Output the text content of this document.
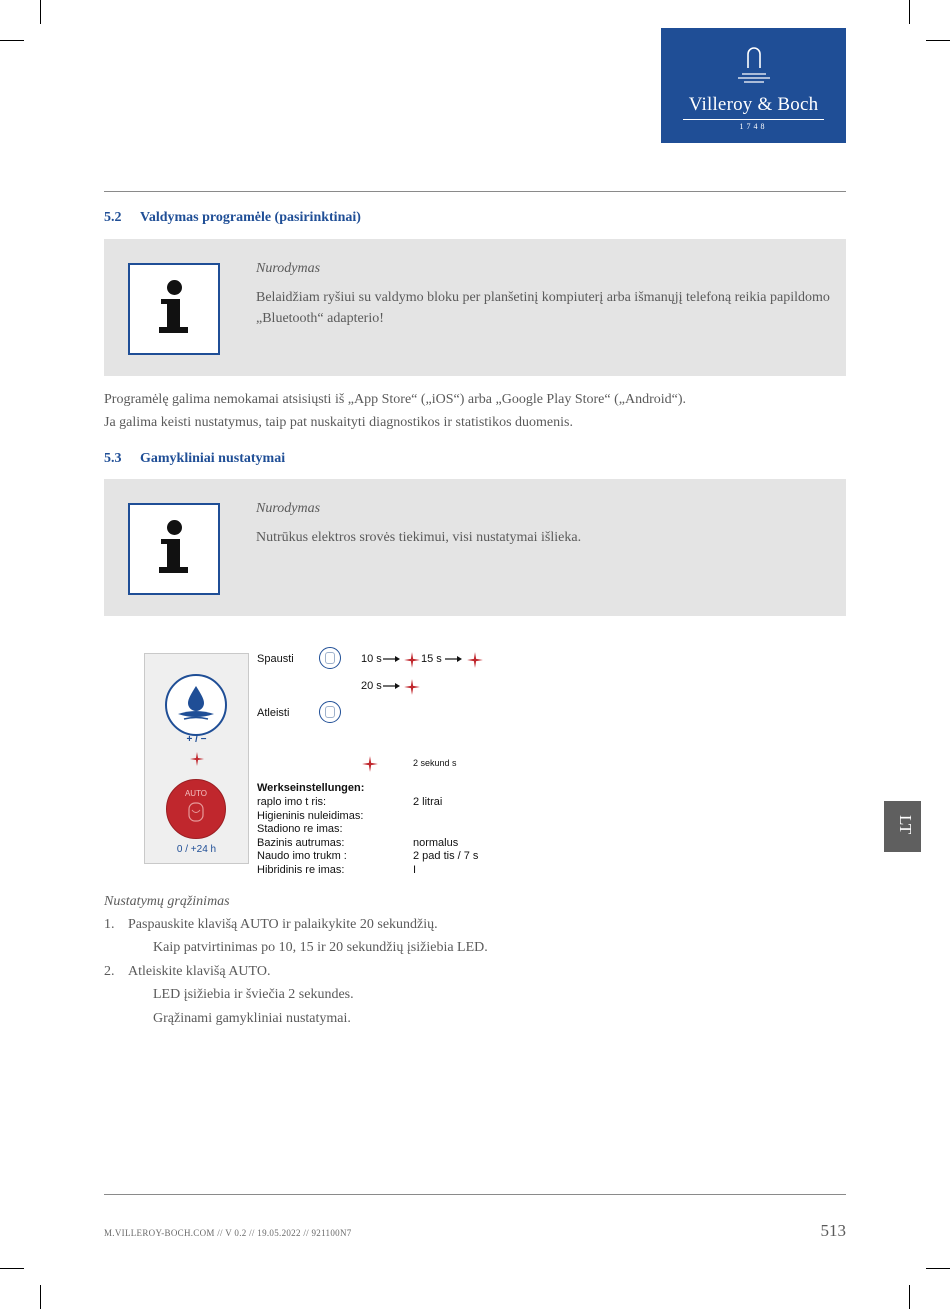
Villeroy & Boch
1748
5.2 Valdymas programėle (pasirinktinai)
Nurodymas
Belaidžiam ryšiui su valdymo bloku per planšetinį kompiuterį arba išmanųjį telefoną reikia papildomo „Bluetooth“ adapterio!
Programėlę galima nemokamai atsisiųsti iš „App Store“ („iOS“) arba „Google Play Store“ („Android“).
Ja galima keisti nustatymus, taip pat nuskaityti diagnostikos ir statistikos duomenis.
5.3 Gamykliniai nustatymai
Nurodymas
Nutrūkus elektros srovės tiekimui, visi nustatymai išlieka.
+ / −
AUTO
0 / +24 h
Spausti	10 s	15 s
20 s
Atleisti
2 sekund s
Werkseinstellungen:
raplo imo t ris:	2 litrai
Higieninis nuleidimas:
Stadiono re imas:
Bazinis autrumas:	normalus
Naudo imo trukm :	2 pad tis / 7 s
Hibridinis re imas:	I
LT
Nustatymų grąžinimas
1. Paspauskite klavišą AUTO ir palaikykite 20 sekundžių.
Kaip patvirtinimas po 10, 15 ir 20 sekundžių įsižiebia LED.
2. Atleiskite klavišą AUTO.
LED įsižiebia ir šviečia 2 sekundes.
Grąžinami gamykliniai nustatymai.
M.VILLEROY-BOCH.COM // V 0.2 // 19.05.2022 // 921100N7	513
